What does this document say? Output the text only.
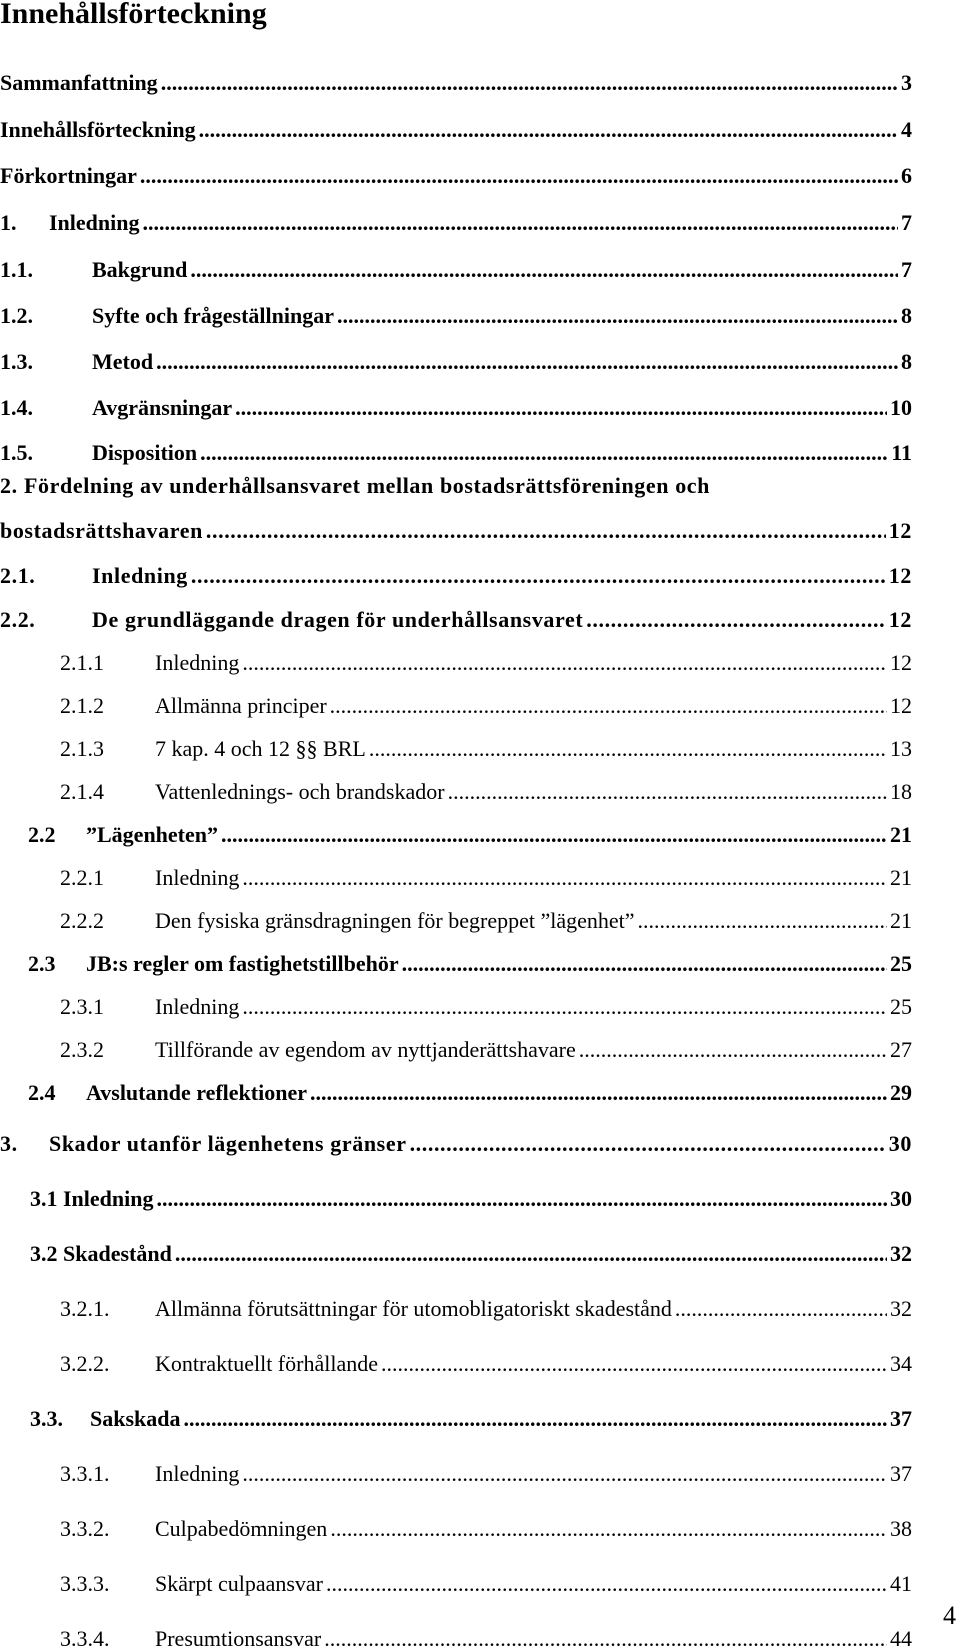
Innehållsförteckning
Sammanfattning .....	3
Innehållsförteckning .....	4
Förkortningar .....	6
1.	Inledning .....	7
1.1.	Bakgrund .....	7
1.2.	Syfte och frågeställningar .....	8
1.3.	Metod .....	8
1.4.	Avgränsningar .....	10
1.5.	Disposition .....	11
2. Fördelning av underhållsansvaret mellan bostadsrättsföreningen och
bostadsrättshavaren .....	12
2.1.	Inledning .....	12
2.2.	De grundläggande dragen för underhållsansvaret .....	12
2.1.1	Inledning .....	12
2.1.2	Allmänna principer .....	12
2.1.3	7 kap. 4 och 12 §§ BRL .....	13
2.1.4	Vattenlednings- och brandskador .....	18
2.2	”Lägenheten” .....	21
2.2.1	Inledning .....	21
2.2.2	Den fysiska gränsdragningen för begreppet ”lägenhet” .....	21
2.3	JB:s regler om fastighetstillbehör .....	25
2.3.1	Inledning .....	25
2.3.2	Tillförande av egendom av nyttjanderättshavare .....	27
2.4	Avslutande reflektioner .....	29
3.	Skador utanför lägenhetens gränser .....	30
3.1 Inledning .....	30
3.2 Skadestånd .....	32
3.2.1.	Allmänna förutsättningar för utomobligatoriskt skadestånd .....	32
3.2.2.	Kontraktuellt förhållande .....	34
3.3.	Sakskada .....	37
3.3.1.	Inledning .....	37
3.3.2.	Culpabedömningen .....	38
3.3.3.	Skärpt culpaansvar .....	41
3.3.4.	Presumtionsansvar .....	44
4
